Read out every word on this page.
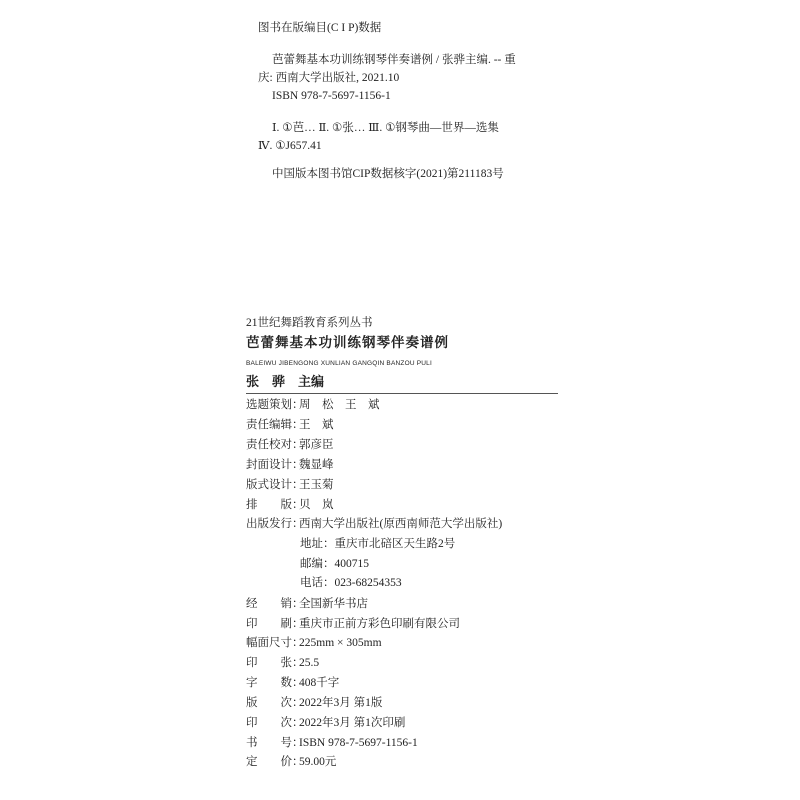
图书在版编目(C I P)数据
芭蕾舞基本功训练钢琴伴奏谱例 / 张骅主编. -- 重
庆: 西南大学出版社, 2021.10
ISBN 978-7-5697-1156-1
Ⅰ. ①芭… Ⅱ. ①张… Ⅲ. ①钢琴曲—世界—选集
Ⅳ. ①J657.41
中国版本图书馆CIP数据核字(2021)第211183号
21世纪舞蹈教育系列丛书
芭蕾舞基本功训练钢琴伴奏谱例
BALEIWU JIBENGONG XUNLIAN GANGQIN BANZOU PULI
张　骅　主编
选题策划：周　松　王　斌
责任编辑：王　斌
责任校对：郭彦臣
封面设计：魏显峰
版式设计：王玉菊
排　　版：贝　岚
出版发行：西南大学出版社(原西南师范大学出版社)
地址：重庆市北碚区天生路2号
邮编：400715
电话：023-68254353
经　　销：全国新华书店
印　　刷：重庆市正前方彩色印刷有限公司
幅面尺寸：225mm × 305mm
印　　张：25.5
字　　数：408千字
版　　次：2022年3月 第1版
印　　次：2022年3月 第1次印刷
书　　号：ISBN 978-7-5697-1156-1
定　　价：59.00元
